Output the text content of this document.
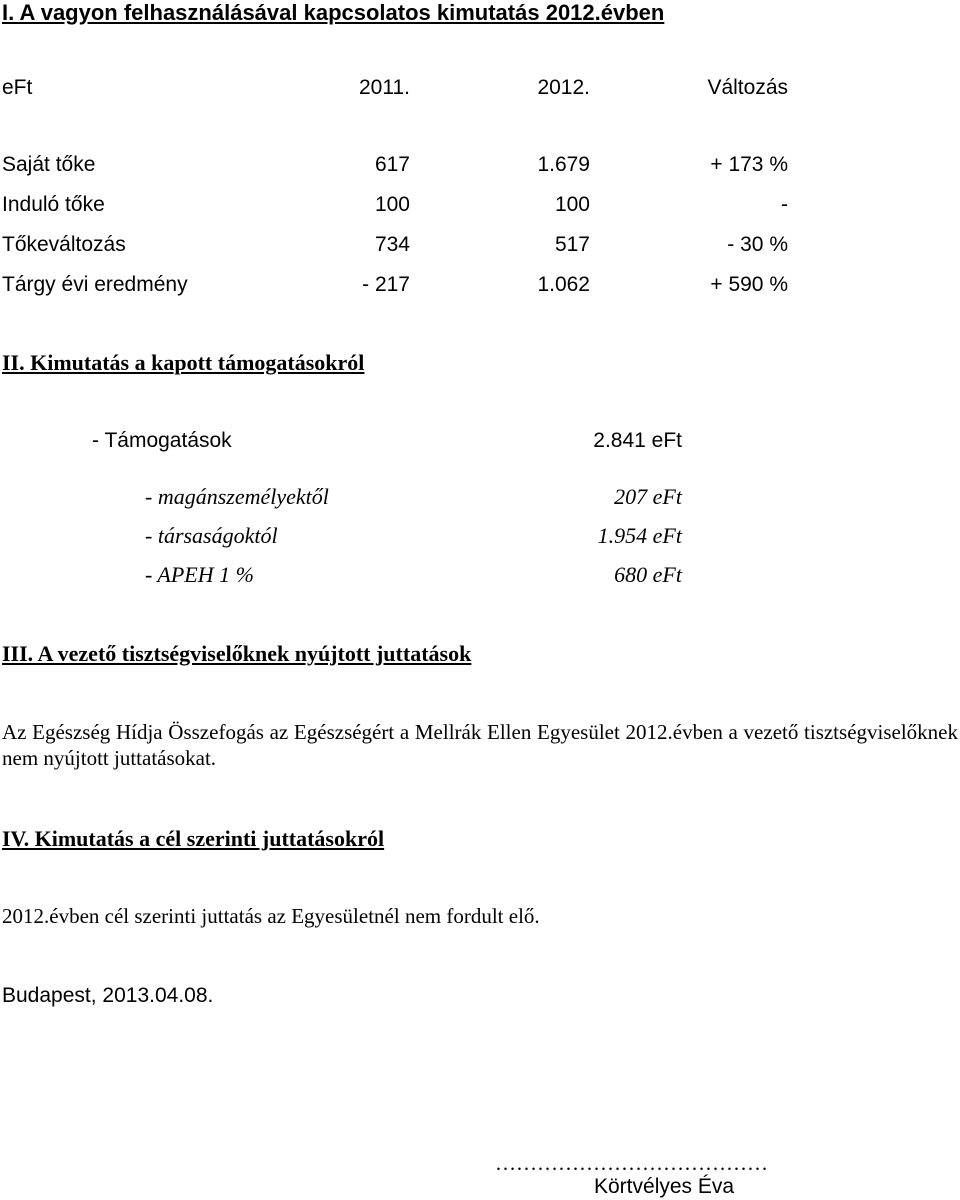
I. A vagyon felhasználásával kapcsolatos kimutatás 2012.évben
eFt	2011.	2012.	Változás
Saját tőke	617	1.679	+ 173 %
Induló tőke	100	100	-
Tőkeváltozás	734	517	- 30 %
Tárgy évi eredmény	- 217	1.062	+ 590 %
II. Kimutatás a kapott támogatásokról
- Támogatások	2.841 eFt
- magánszemélyektől	207 eFt
- társaságoktól	1.954 eFt
- APEH 1 %	680 eFt
III. A vezető tisztségviselőknek nyújtott juttatások
Az Egészség Hídja Összefogás az Egészségért a Mellrák Ellen Egyesület 2012.évben a vezető tisztségviselőknek nem nyújtott juttatásokat.
IV. Kimutatás a cél szerinti juttatásokról
2012.évben cél szerinti juttatás az Egyesületnél nem fordult elő.
Budapest, 2013.04.08.
…………………………………
Körtvélyes Éva
